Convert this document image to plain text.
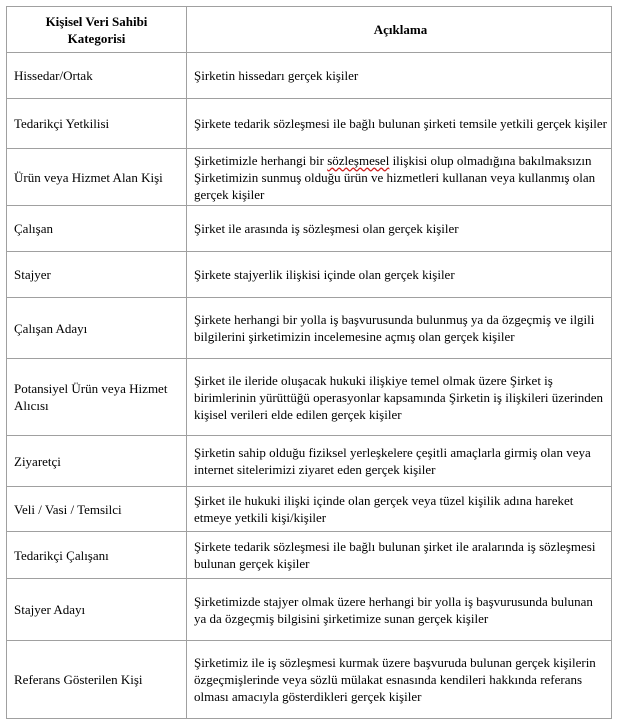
Kişisel Veri Sahibi Kategorisi	Açıklama
Hissedar/Ortak	Şirketin hissedarı gerçek kişiler
Tedarikçi Yetkilisi	Şirkete tedarik sözleşmesi ile bağlı bulunan şirketi temsile yetkili gerçek kişiler
Ürün veya Hizmet Alan Kişi	Şirketimizle herhangi bir sözleşmesel ilişkisi olup olmadığına bakılmaksızın Şirketimizin sunmuş olduğu ürün ve hizmetleri kullanan veya kullanmış olan gerçek kişiler
Çalışan	Şirket ile arasında iş sözleşmesi olan gerçek kişiler
Stajyer	Şirkete stajyerlik ilişkisi içinde olan gerçek kişiler
Çalışan Adayı	Şirkete herhangi bir yolla iş başvurusunda bulunmuş ya da özgeçmiş ve ilgili bilgilerini şirketimizin incelemesine açmış olan gerçek kişiler
Potansiyel Ürün veya Hizmet Alıcısı	Şirket ile ileride oluşacak hukuki ilişkiye temel olmak üzere Şirket iş birimlerinin yürüttüğü operasyonlar kapsamında Şirketin iş ilişkileri üzerinden kişisel verileri elde edilen gerçek kişiler
Ziyaretçi	Şirketin sahip olduğu fiziksel yerleşkelere çeşitli amaçlarla girmiş olan veya internet sitelerimizi ziyaret eden gerçek kişiler
Veli / Vasi / Temsilci	Şirket ile hukuki ilişki içinde olan gerçek veya tüzel kişilik adına hareket etmeye yetkili kişi/kişiler
Tedarikçi Çalışanı	Şirkete tedarik sözleşmesi ile bağlı bulunan şirket ile aralarında iş sözleşmesi bulunan gerçek kişiler
Stajyer Adayı	Şirketimizde stajyer olmak üzere herhangi bir yolla iş başvurusunda bulunan ya da özgeçmiş bilgisini şirketimize sunan gerçek kişiler
Referans Gösterilen Kişi	Şirketimiz ile iş sözleşmesi kurmak üzere başvuruda bulunan gerçek kişilerin özgeçmişlerinde veya sözlü mülakat esnasında kendileri hakkında referans olması amacıyla gösterdikleri gerçek kişiler
